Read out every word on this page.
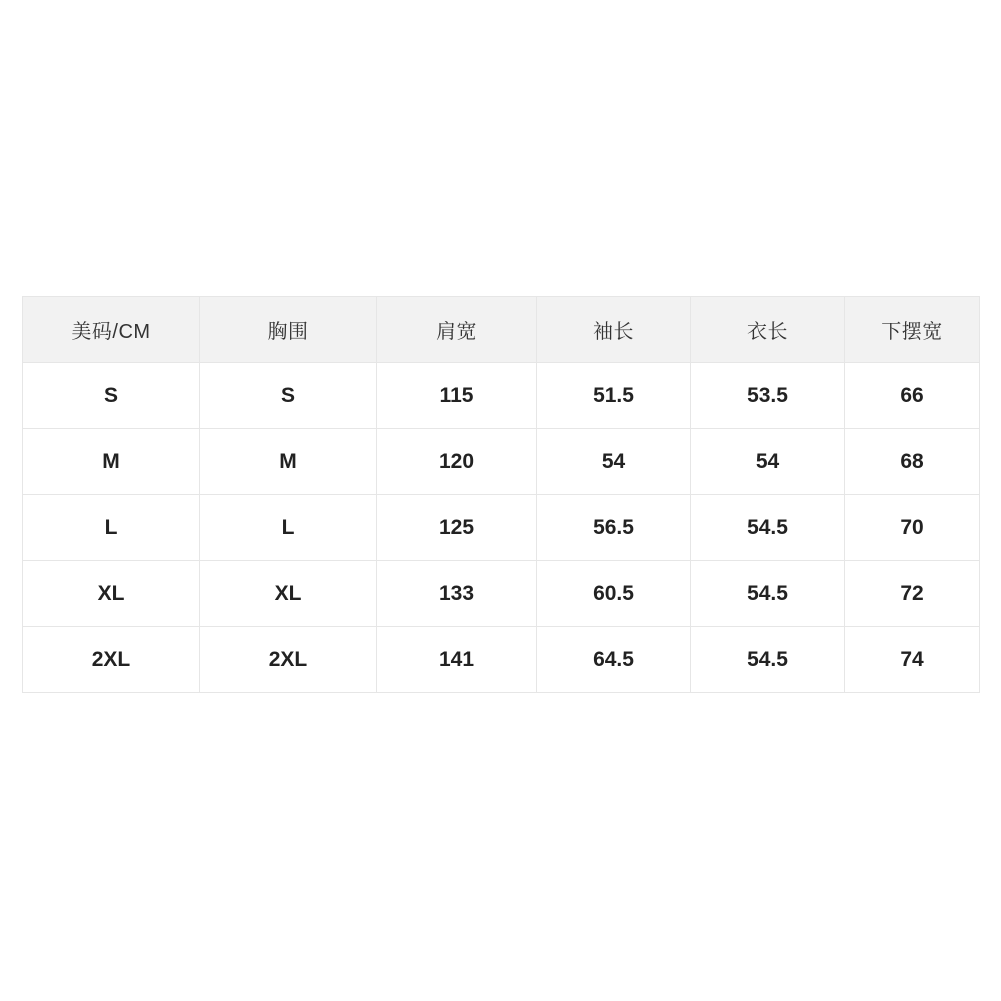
美码/CM	胸围	肩宽	袖长	衣长	下摆宽
S	S	115	51.5	53.5	66
M	M	120	54	54	68
L	L	125	56.5	54.5	70
XL	XL	133	60.5	54.5	72
2XL	2XL	141	64.5	54.5	74
